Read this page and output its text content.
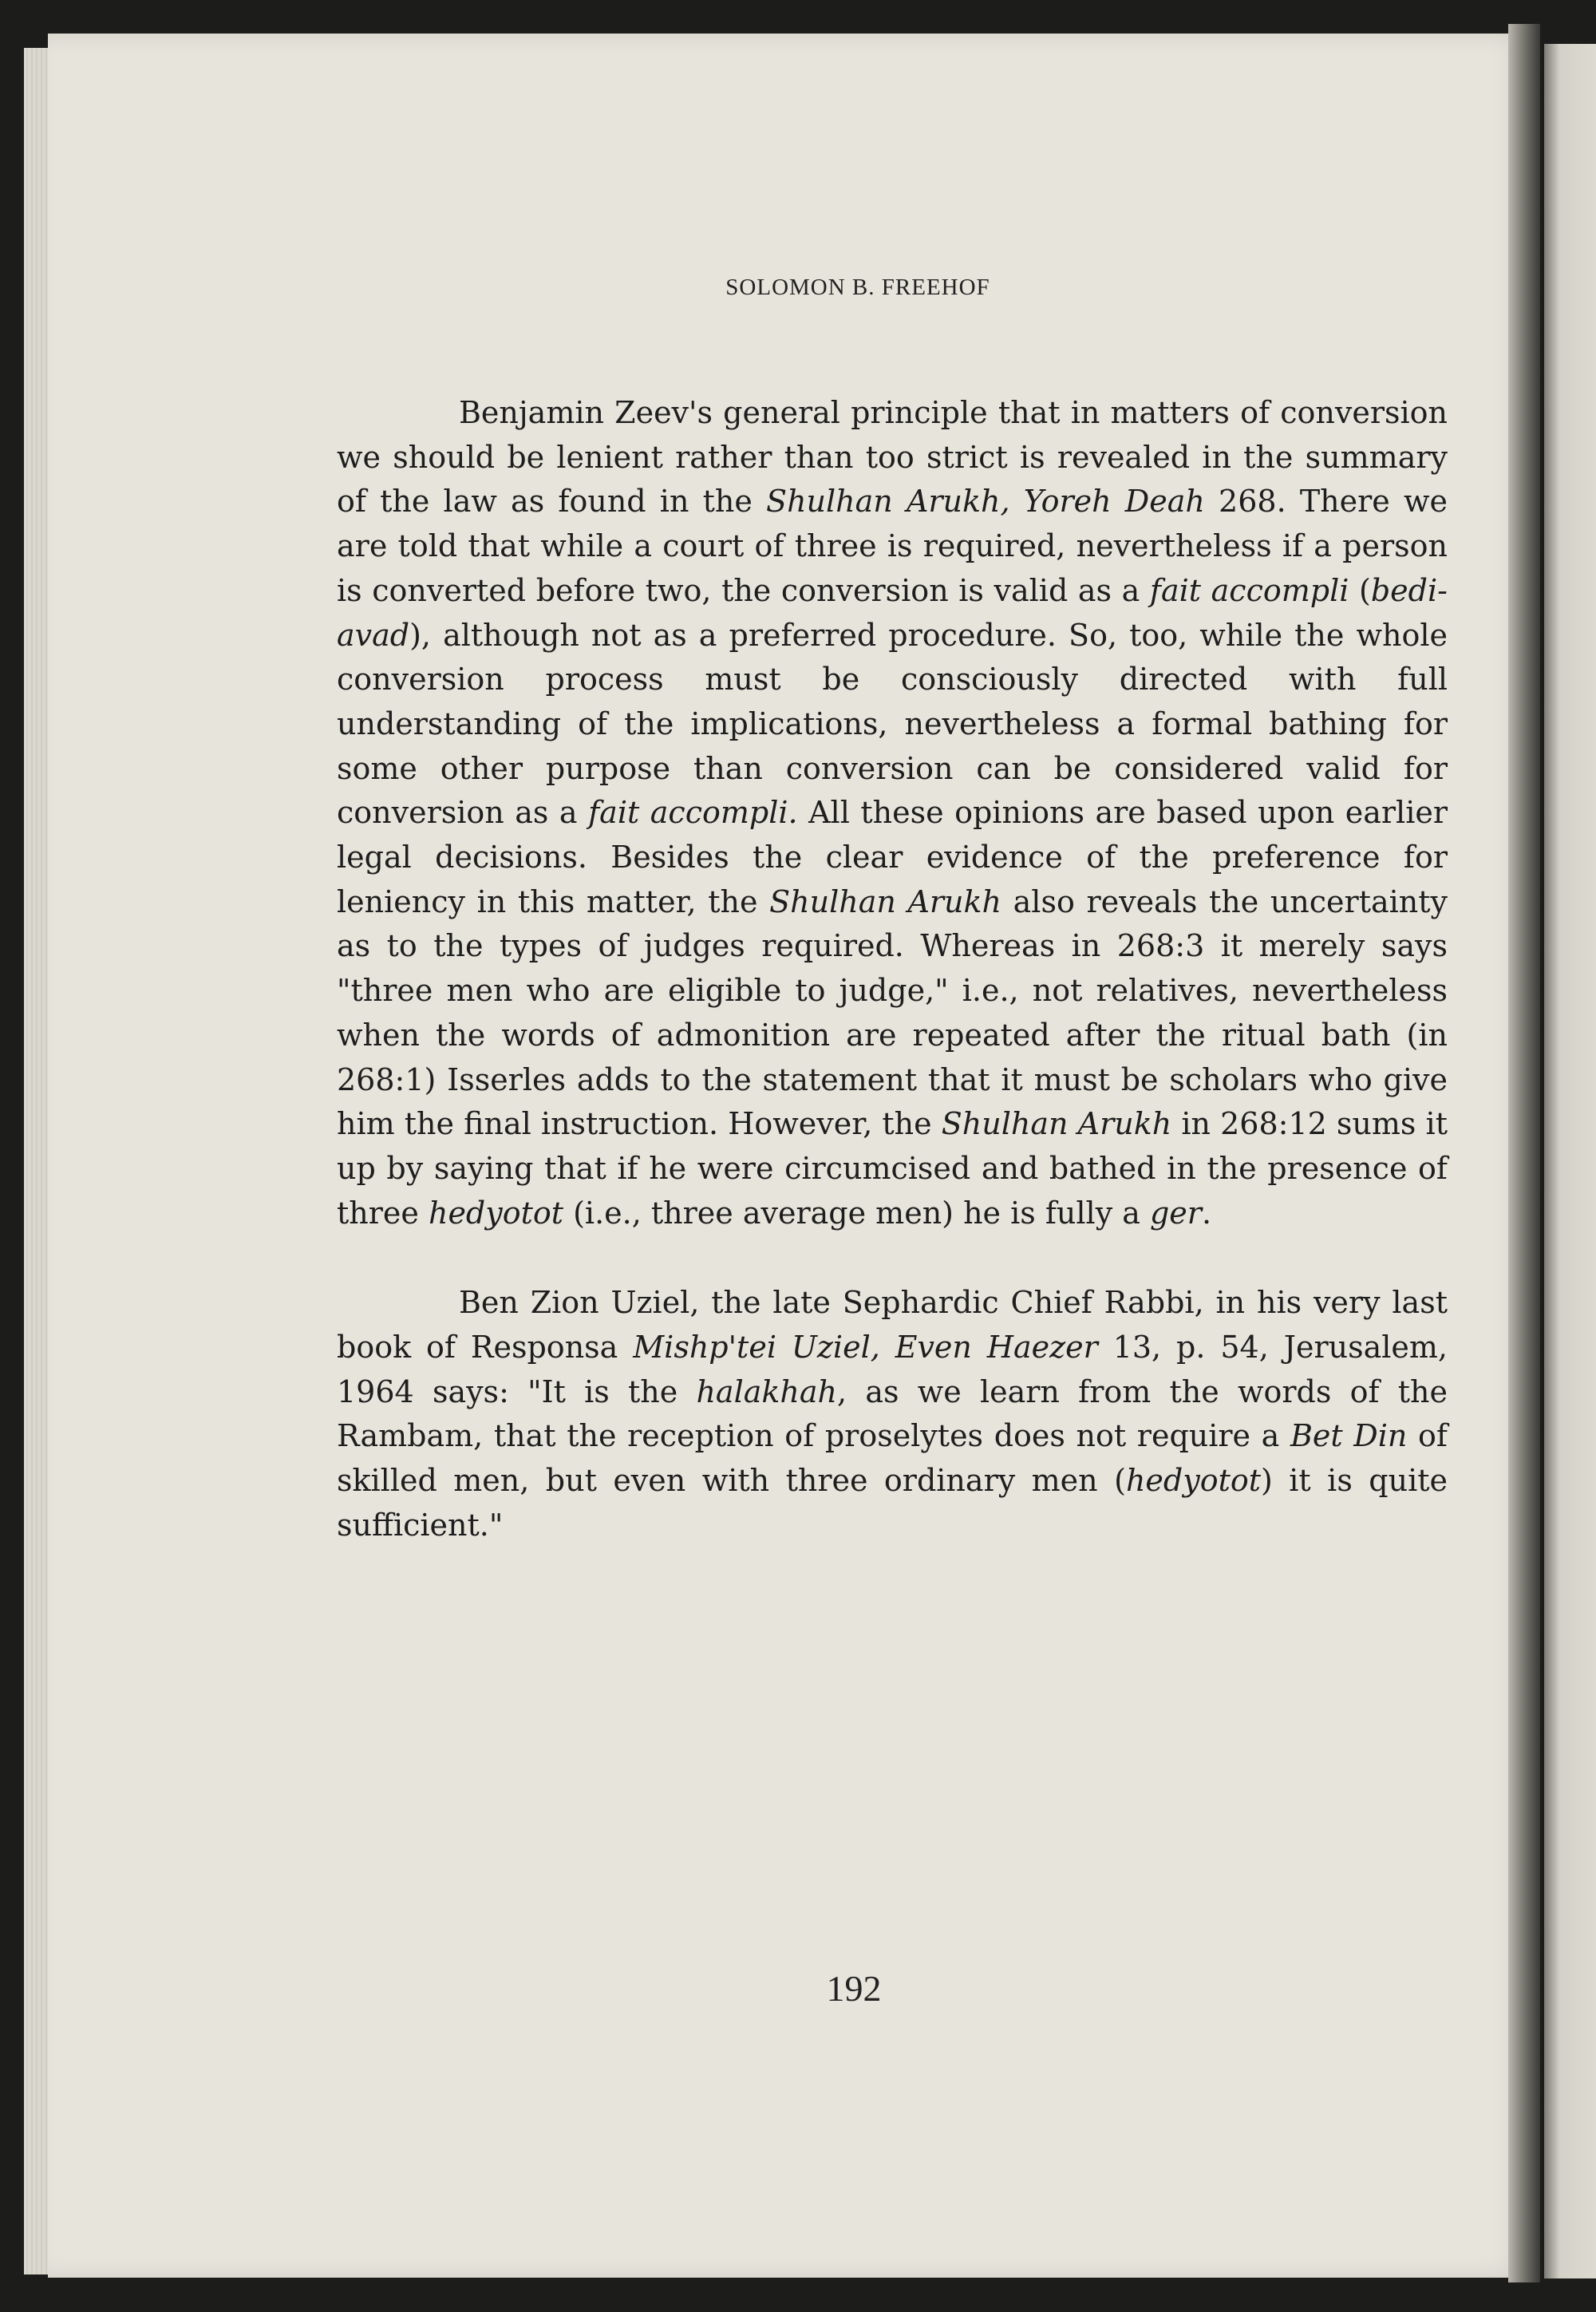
SOLOMON B. FREEHOF

Benjamin Zeev's general principle that in matters of conversion we should be lenient rather than too strict is revealed in the summary of the law as found in the Shulhan Arukh, Yoreh Deah 268. There we are told that while a court of three is required, nevertheless if a person is converted before two, the conversion is valid as a fait accompli (bedi-avad), although not as a preferred procedure. So, too, while the whole conversion process must be consciously directed with full understanding of the implications, nevertheless a formal bathing for some other purpose than conversion can be considered valid for conversion as a fait accompli. All these opinions are based upon earlier legal decisions. Besides the clear evidence of the preference for leniency in this matter, the Shulhan Arukh also reveals the uncertainty as to the types of judges required. Whereas in 268:3 it merely says "three men who are eligible to judge," i.e., not relatives, nevertheless when the words of admonition are repeated after the ritual bath (in 268:1) Isserles adds to the statement that it must be scholars who give him the final instruction. However, the Shulhan Arukh in 268:12 sums it up by saying that if he were circumcised and bathed in the presence of three hedyotot (i.e., three average men) he is fully a ger.

Ben Zion Uziel, the late Sephardic Chief Rabbi, in his very last book of Responsa Mishp'tei Uziel, Even Haezer 13, p. 54, Jerusalem, 1964 says: "It is the halakhah, as we learn from the words of the Rambam, that the reception of proselytes does not require a Bet Din of skilled men, but even with three ordinary men (hedyotot) it is quite sufficient."

192
